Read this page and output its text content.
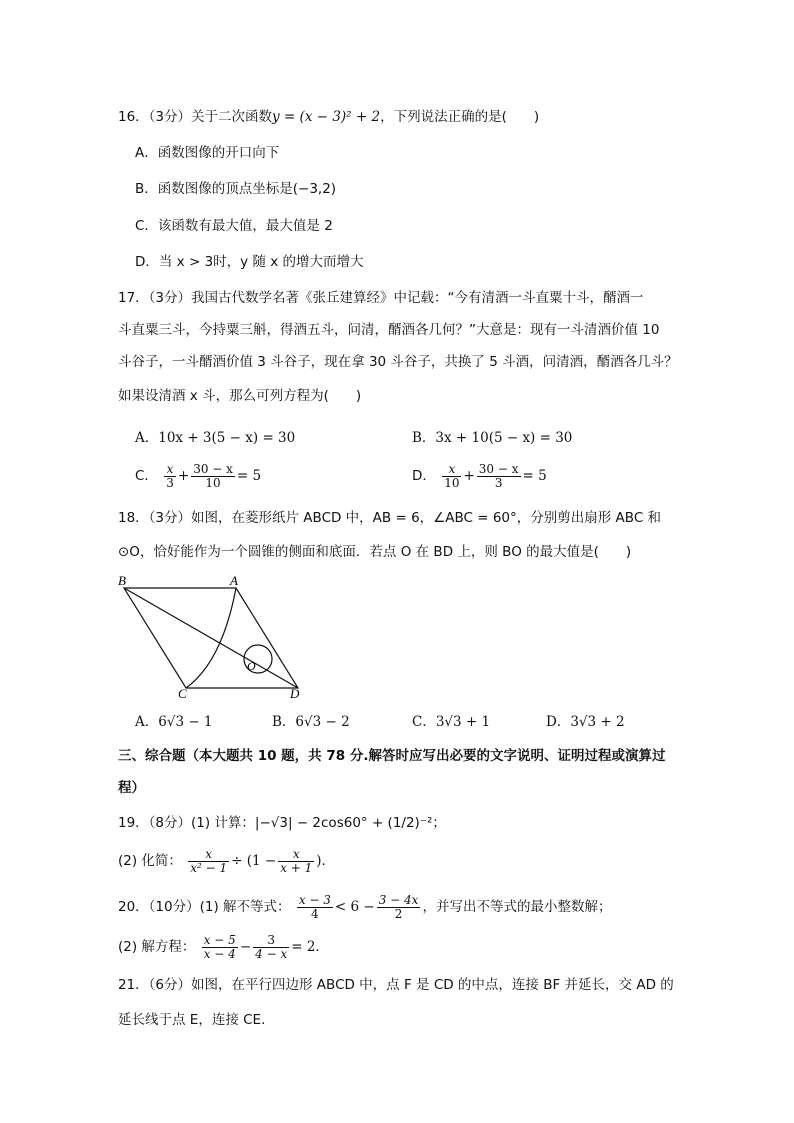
16．（3分）关于二次函数y = (x − 3)² + 2，下列说法正确的是(　　)
A．函数图像的开口向下
B．函数图像的顶点坐标是(−3,2)
C．该函数有最大值，最大值是 2
D．当 x > 3时，y 随 x 的增大而增大
17．（3分）我国古代数学名著《张丘建算经》中记载：“今有清酒一斗直粟十斗，醑酒一
斗直粟三斗，今持粟三斛，得酒五斗，问清，醑酒各几何？”大意是：现有一斗清酒价值 10
斗谷子，一斗醑酒价值 3 斗谷子，现在拿 30 斗谷子，共换了 5 斗酒，问清酒，醑酒各几斗？
如果设清酒 x 斗，那么可列方程为(　　)
A．10x + 3(5 − x) = 30	B．3x + 10(5 − x) = 30
C． $\frac{x}{3} + \frac{30 - x}{10} = 5$	D． $\frac{x}{10} + \frac{30 - x}{3} = 5$
18．（3分）如图，在菱形纸片 ABCD 中，AB = 6，∠ABC = 60°，分别剪出扇形 ABC 和
⊙O，恰好能作为一个圆锥的侧面和底面．若点 O 在 BD 上，则 BO 的最大值是(　　)
B	A
C	D
O
A．6√3 − 1	B．6√3 − 2	C．3√3 + 1	D．3√3 + 2
三、综合题（本大题共 10 题，共 78 分.解答时应写出必要的文字说明、证明过程或演算过
程）
19．（8分）(1) 计算：|−√3| − 2cos60° + (1/2)⁻²；
(2) 化简： $\frac{x}{\text{x² − 1}} \div (1 - \frac{x}{x + 1}$ )．
20．（10分）(1) 解不等式： $\frac{x - 3}{4} < 6 - \frac{3 - 4x}{2}$ ，并写出不等式的最小整数解；
(2) 解方程： $\frac{x - 5}{x - 4} - \frac{3}{4 - x} = 2$．
21．（6分）如图，在平行四边形 ABCD 中，点 F 是 CD 的中点，连接 BF 并延长，交 AD 的
延长线于点 E，连接 CE．
